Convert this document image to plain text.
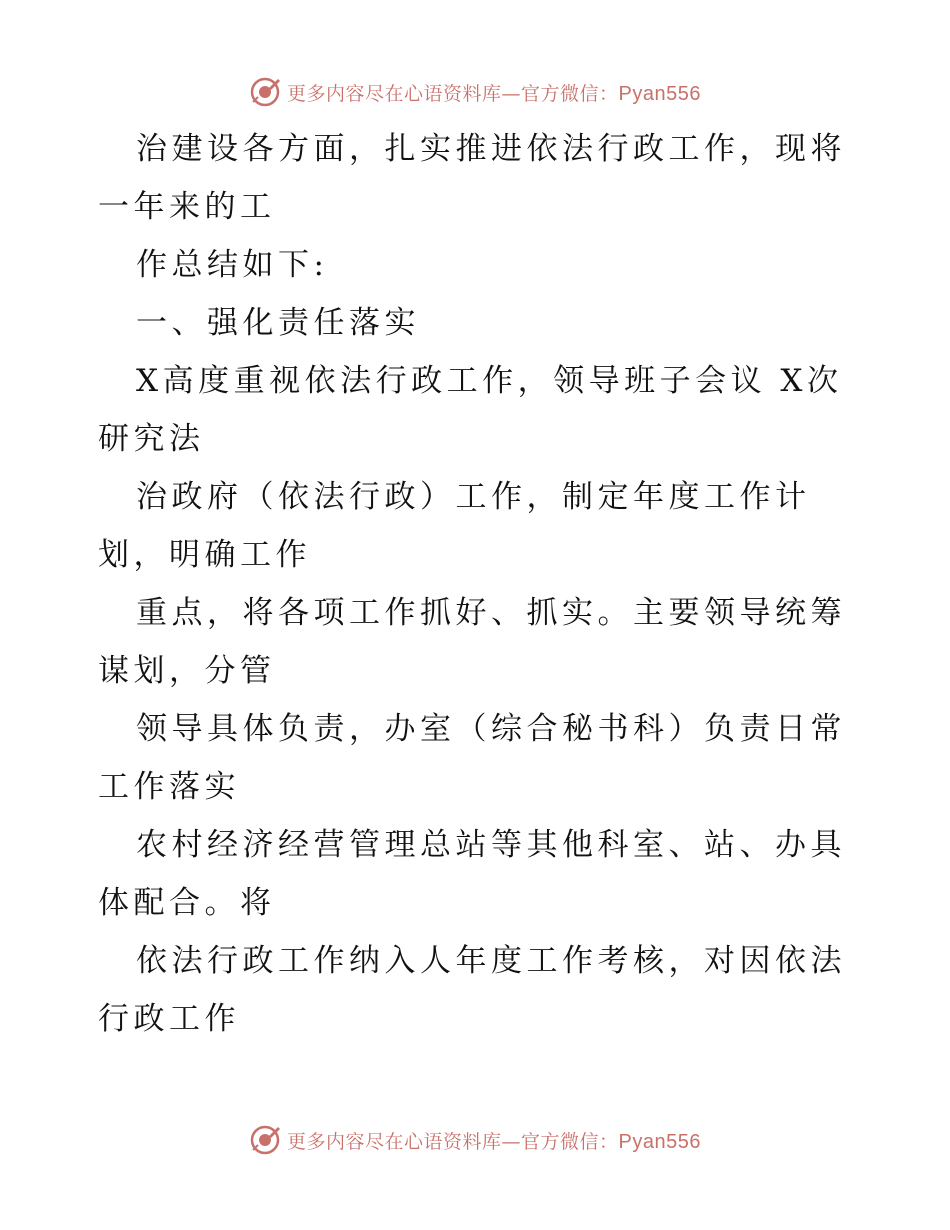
更多内容尽在心语资料库—官方微信：Pyan556

治建设各方面，扎实推进依法行政工作，现将一年来的工

作总结如下:

一、强化责任落实

X高度重视依法行政工作，领导班子会议 X次研究法

治政府（依法行政）工作，制定年度工作计划，明确工作

重点，将各项工作抓好、抓实。主要领导统筹谋划，分管

领导具体负责，办室（综合秘书科）负责日常工作落实

农村经济经营管理总站等其他科室、站、办具体配合。将

依法行政工作纳入人年度工作考核，对因依法行政工作

更多内容尽在心语资料库—官方微信：Pyan556
